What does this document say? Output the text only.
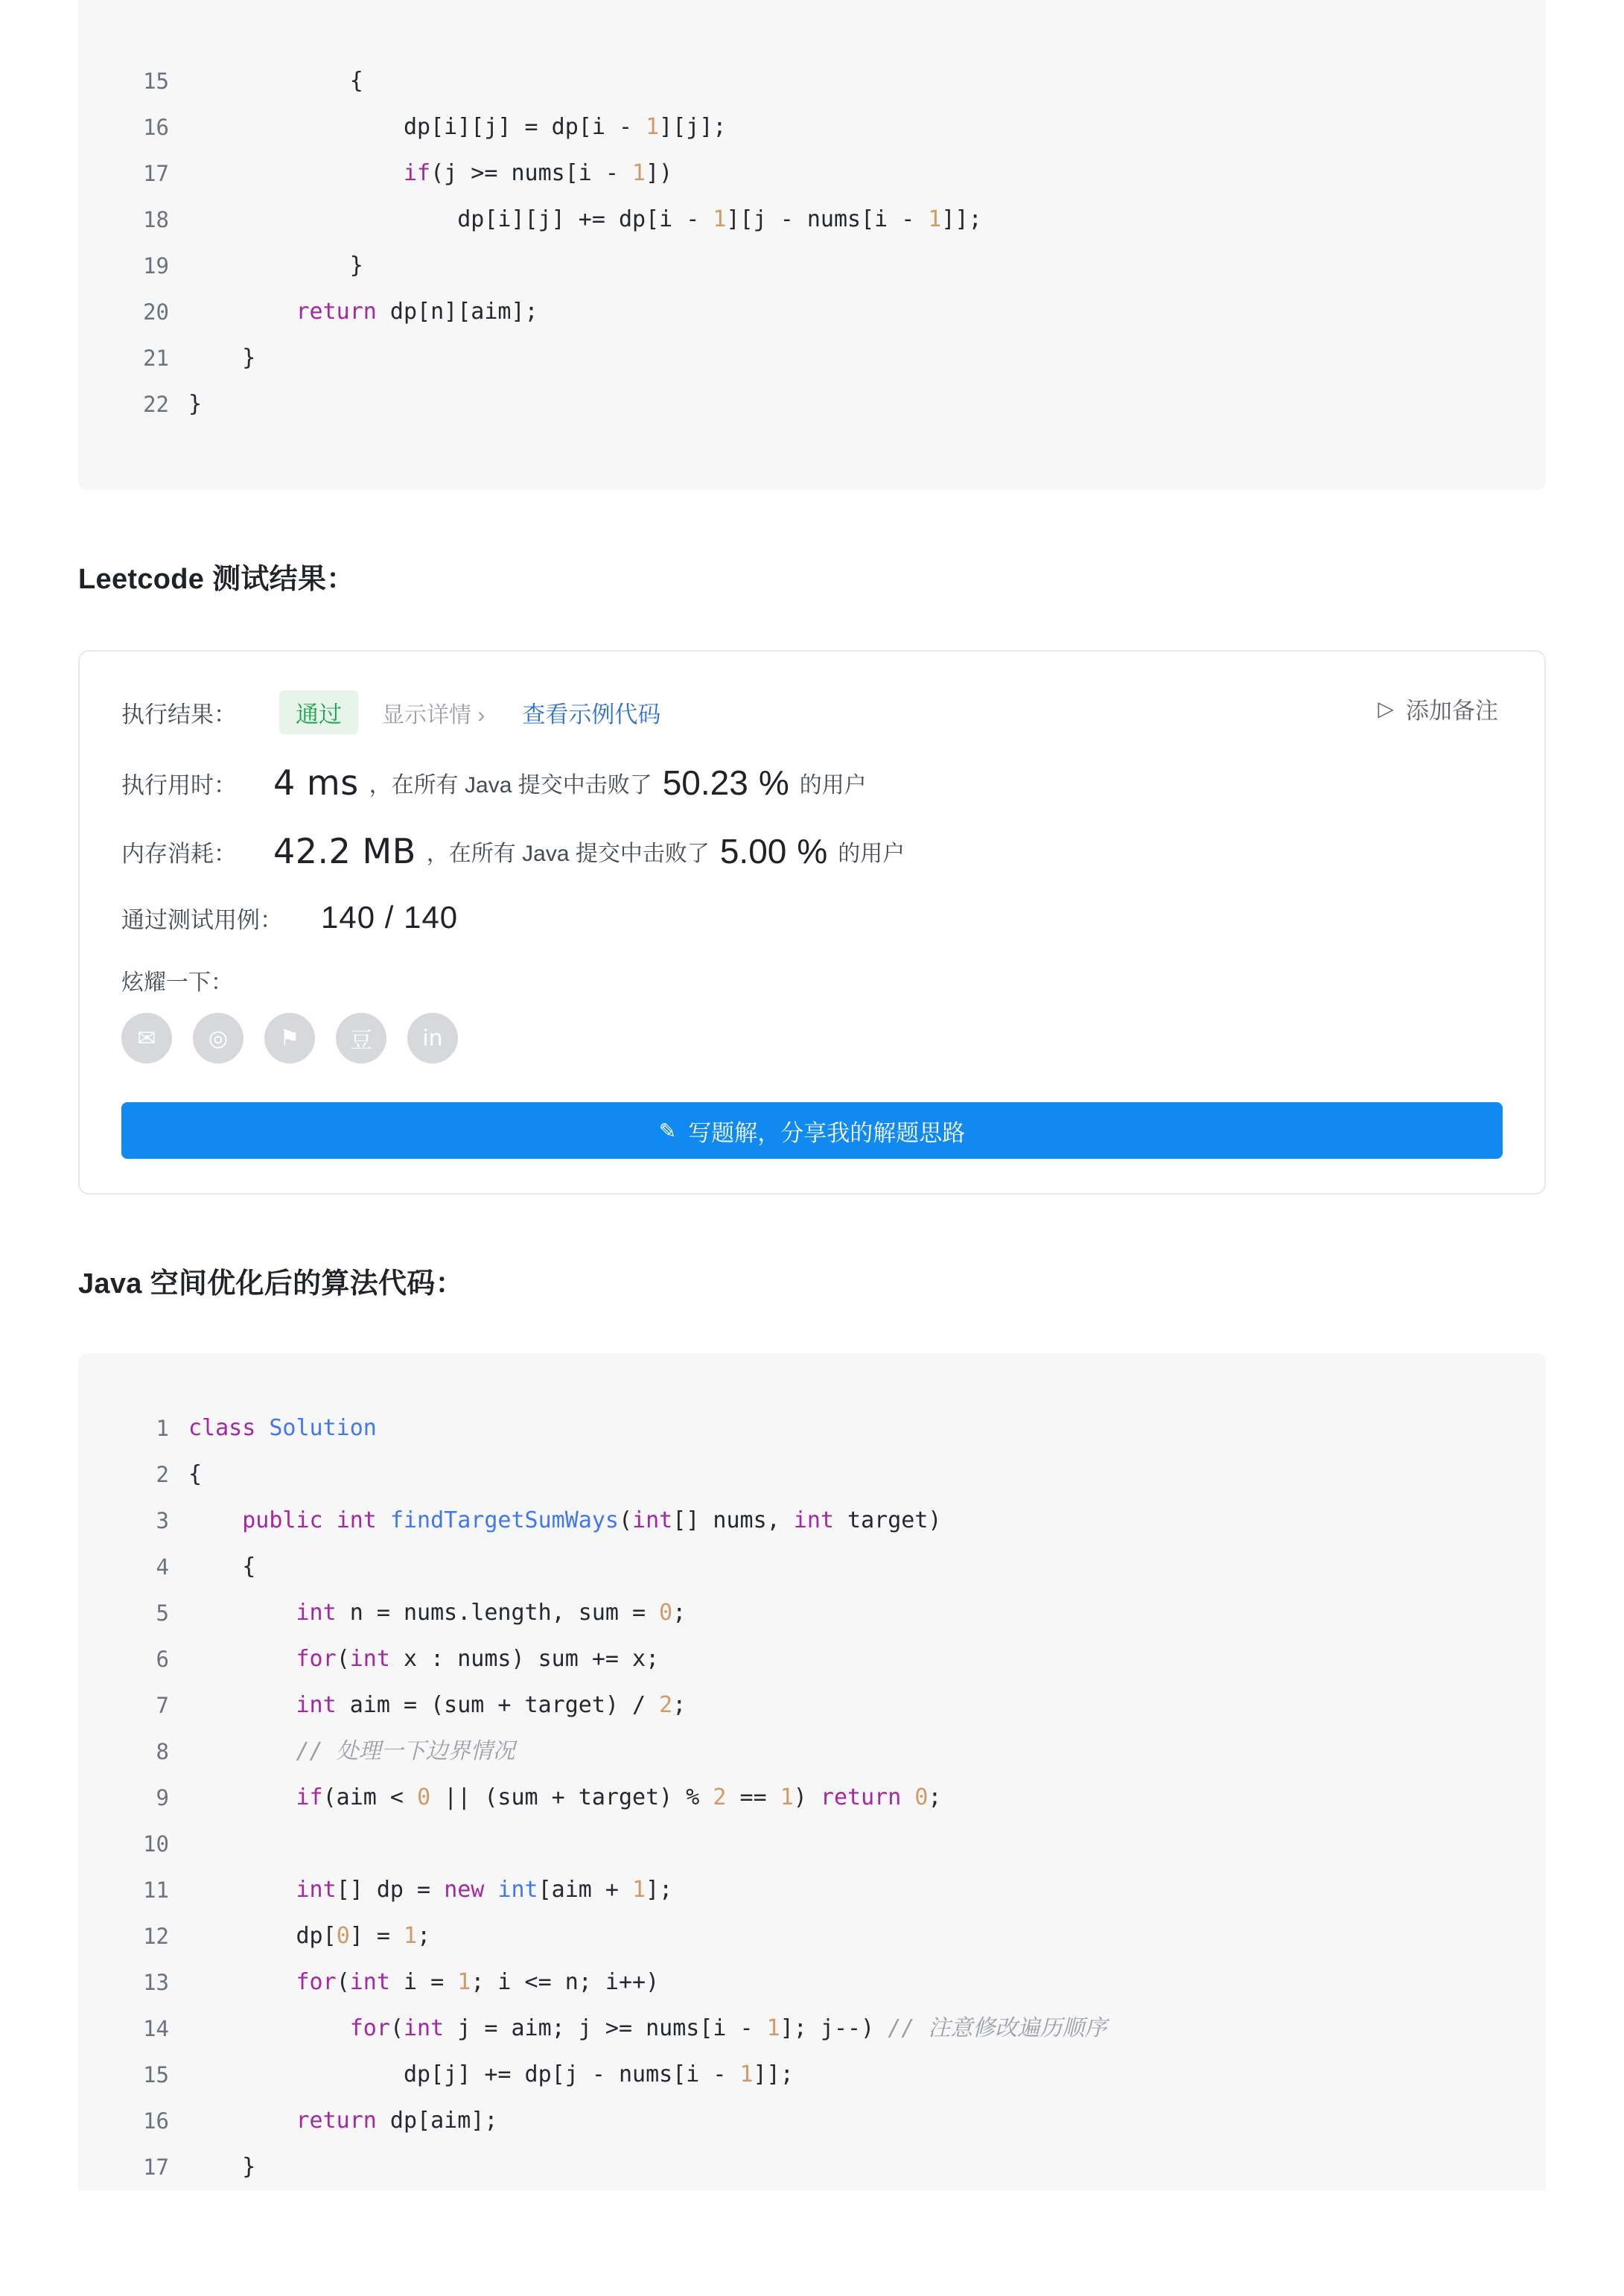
15 {
16 dp[i][j] = dp[i - 1][j];
17	if(j >= nums[i - 1])
18 dp[i][j] += dp[i - 1][j - nums[i - 1]];
19 }
20	return dp[n][aim];
21 }
22 }
Leetcode 测试结果：
执行结果：	通过	显示详情 › 查看示例代码	▷ 添加备注
执行用时：	4 ms ，在所有 Java 提交中击败了 50.23 % 的用户
内存消耗：	42.2 MB ，在所有 Java 提交中击败了 5.00 % 的用户
通过测试用例：	140 / 140
炫耀一下：
✉	◎	⚑	豆	in
✎ 写题解，分享我的解题思路
Java 空间优化后的算法代码：
1 class Solution
2 {
3	public int findTargetSumWays(int[] nums, int target)
4 {
5	int n = nums.length, sum = 0;
6	for(int x : nums) sum += x;
7	int aim = (sum + target) / 2;
8	// 处理一下边界情况
9	if(aim < 0 || (sum + target) % 2 == 1) return 0;
10
11	int[] dp = new int[aim + 1];
12 dp[0] = 1;
13	for(int i = 1; i <= n; i++)
14	for(int j = aim; j >= nums[i - 1]; j--) // 注意修改遍历顺序
15 dp[j] += dp[j - nums[i - 1]];
16	return dp[aim];
17 }
